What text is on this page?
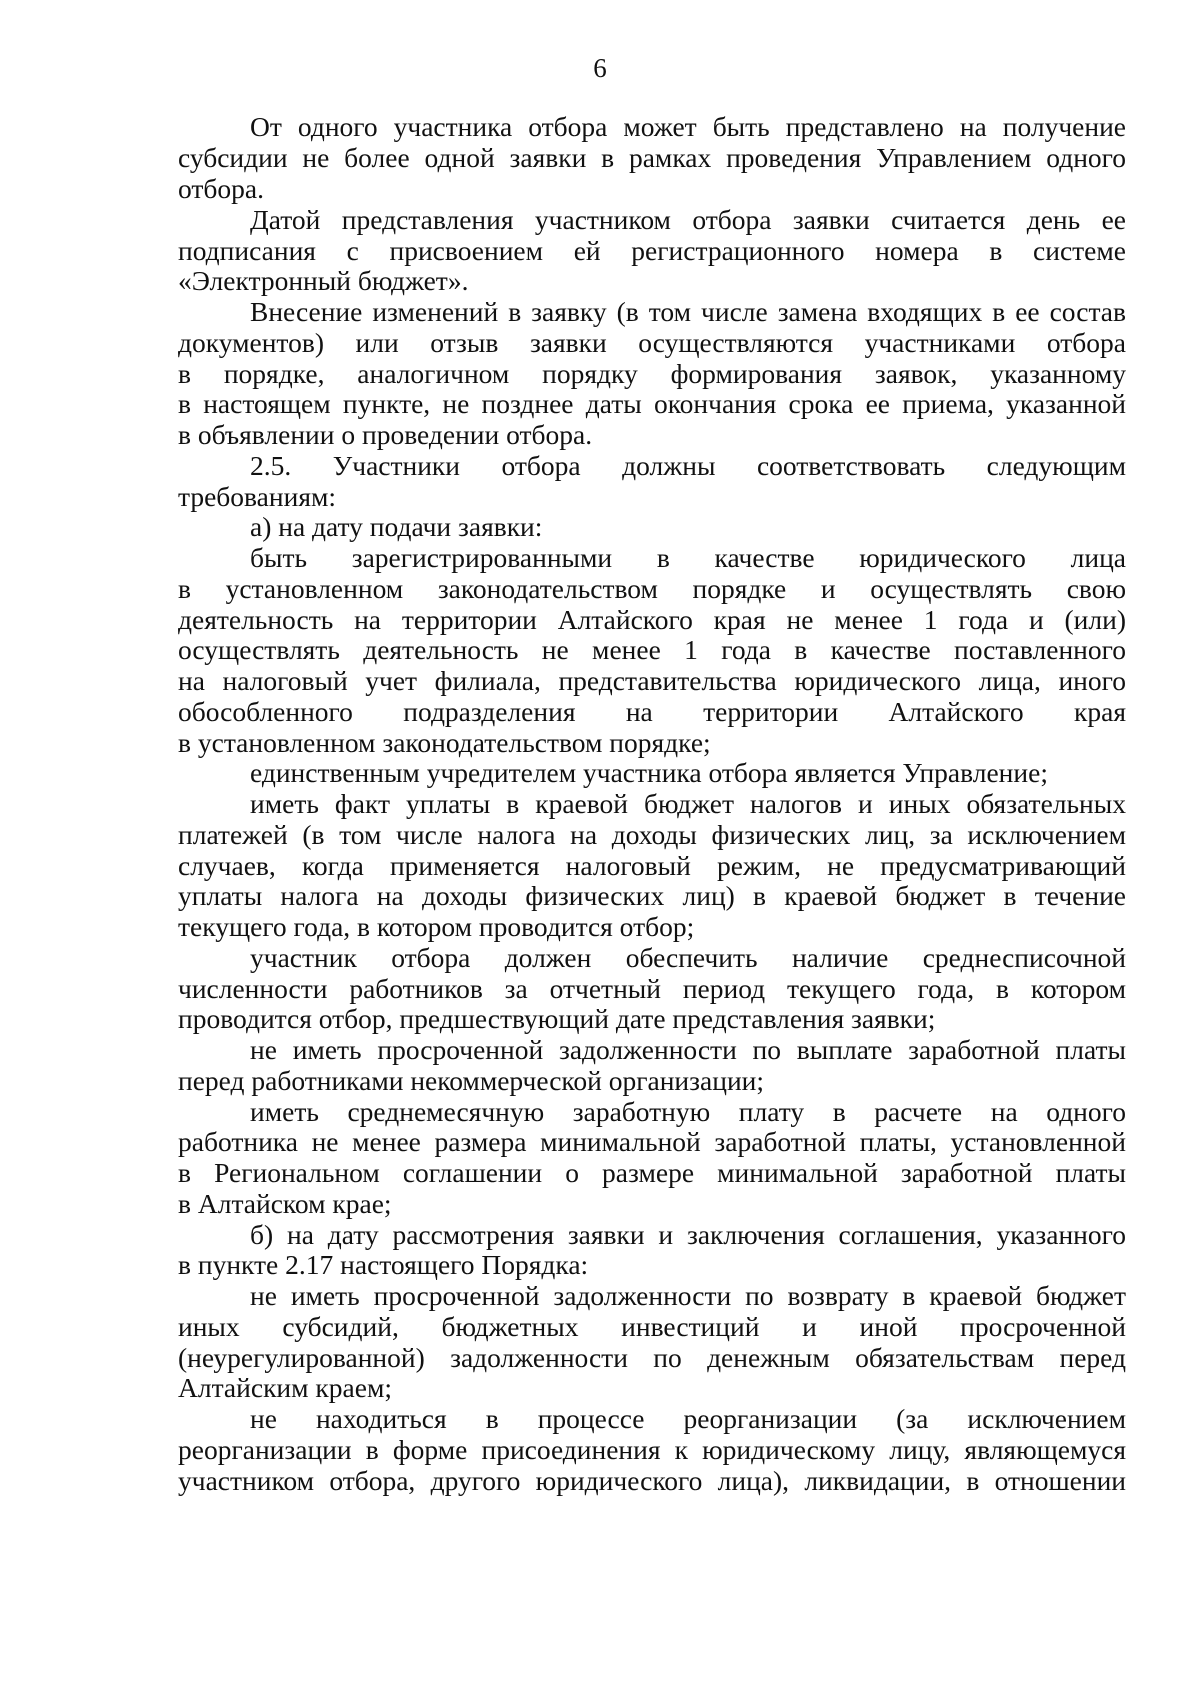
6
От одного участника отбора может быть представлено на получение
субсидии не более одной заявки в рамках проведения Управлением одного
отбора.
Датой представления участником отбора заявки считается день ее
подписания с присвоением ей регистрационного номера в системе
«Электронный бюджет».
Внесение изменений в заявку (в том числе замена входящих в ее состав
документов) или отзыв заявки осуществляются участниками отбора
в порядке, аналогичном порядку формирования заявок, указанному
в настоящем пункте, не позднее даты окончания срока ее приема, указанной
в объявлении о проведении отбора.
2.5. Участники отбора должны соответствовать следующим
требованиям:
а) на дату подачи заявки:
быть зарегистрированными в качестве юридического лица
в установленном законодательством порядке и осуществлять свою
деятельность на территории Алтайского края не менее 1 года и (или)
осуществлять деятельность не менее 1 года в качестве поставленного
на налоговый учет филиала, представительства юридического лица, иного
обособленного подразделения на территории Алтайского края
в установленном законодательством порядке;
единственным учредителем участника отбора является Управление;
иметь факт уплаты в краевой бюджет налогов и иных обязательных
платежей (в том числе налога на доходы физических лиц, за исключением
случаев, когда применяется налоговый режим, не предусматривающий
уплаты налога на доходы физических лиц) в краевой бюджет в течение
текущего года, в котором проводится отбор;
участник отбора должен обеспечить наличие среднесписочной
численности работников за отчетный период текущего года, в котором
проводится отбор, предшествующий дате представления заявки;
не иметь просроченной задолженности по выплате заработной платы
перед работниками некоммерческой организации;
иметь среднемесячную заработную плату в расчете на одного
работника не менее размера минимальной заработной платы, установленной
в Региональном соглашении о размере минимальной заработной платы
в Алтайском крае;
б) на дату рассмотрения заявки и заключения соглашения, указанного
в пункте 2.17 настоящего Порядка:
не иметь просроченной задолженности по возврату в краевой бюджет
иных субсидий, бюджетных инвестиций и иной просроченной
(неурегулированной) задолженности по денежным обязательствам перед
Алтайским краем;
не находиться в процессе реорганизации (за исключением
реорганизации в форме присоединения к юридическому лицу, являющемуся
участником отбора, другого юридического лица), ликвидации, в отношении
